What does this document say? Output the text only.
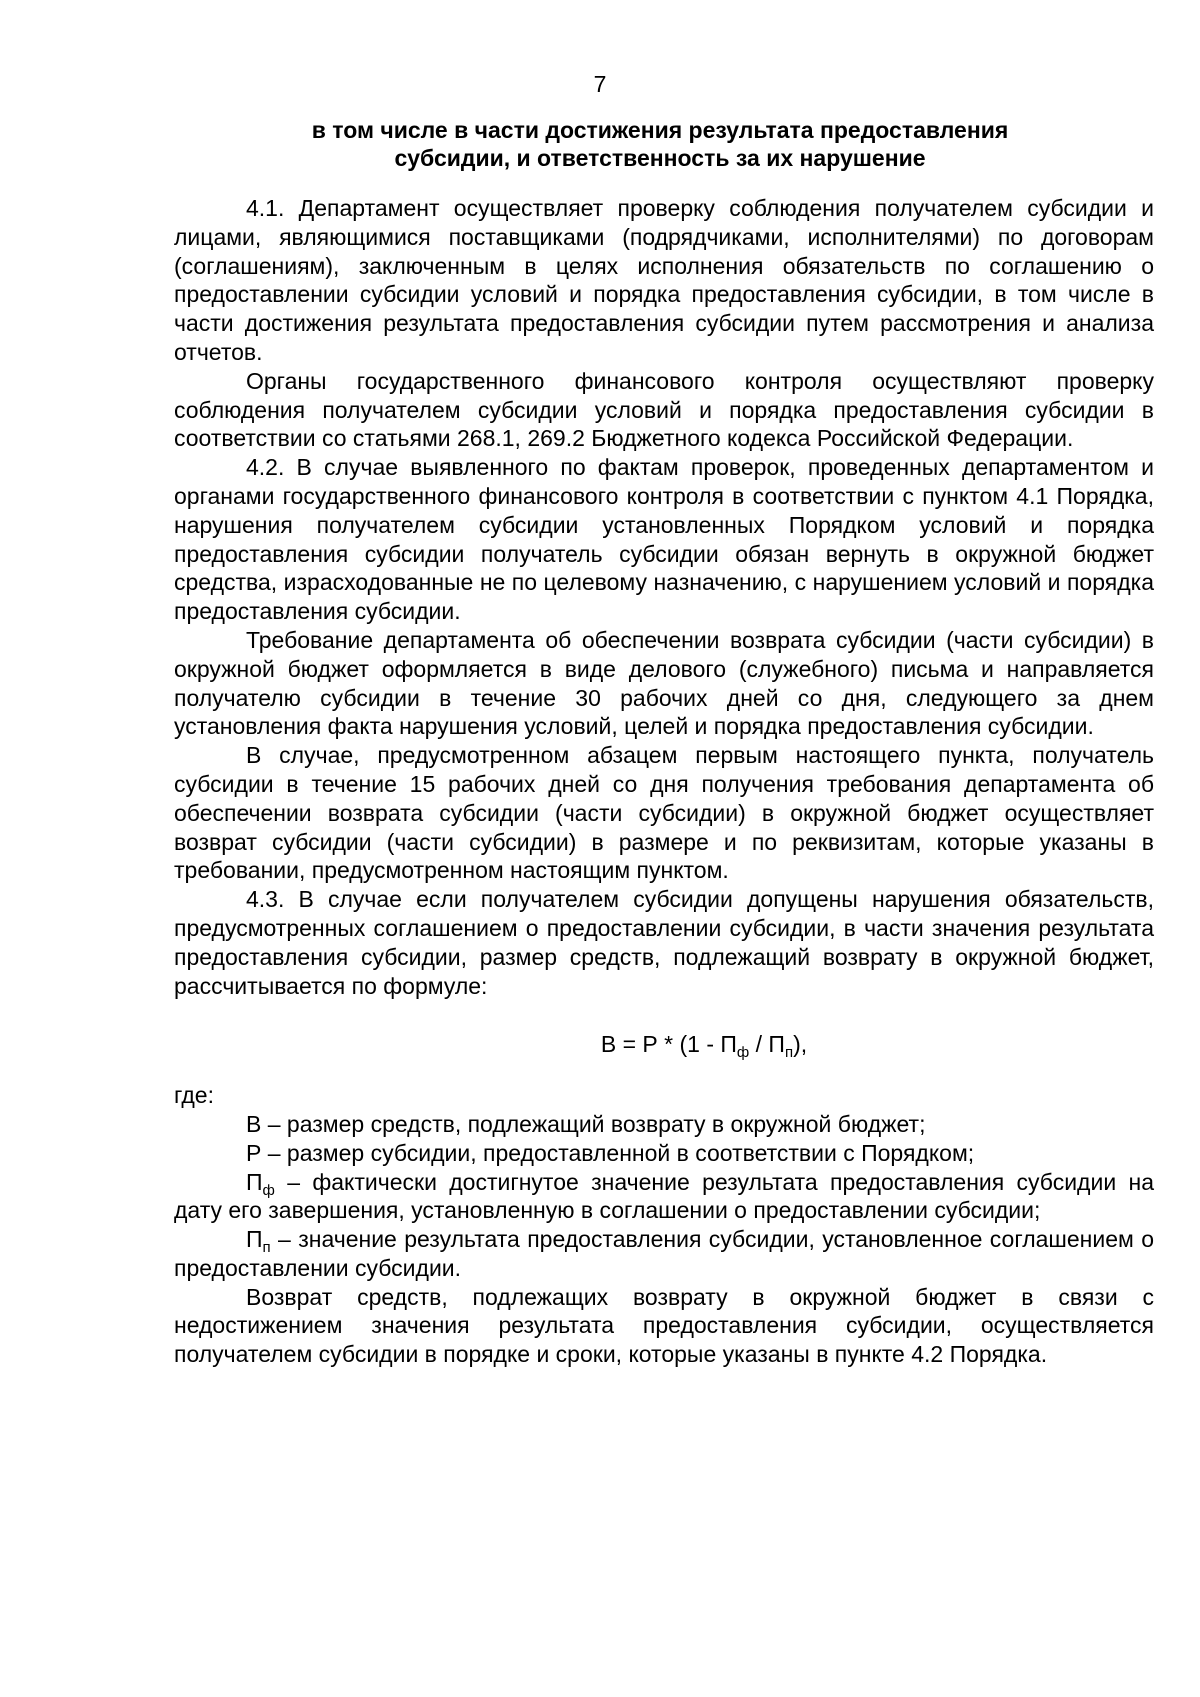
7
в том числе в части достижения результата предоставления
субсидии, и ответственность за их нарушение

4.1. Департамент осуществляет проверку соблюдения получателем субсидии и лицами, являющимися поставщиками (подрядчиками, исполнителями) по договорам (соглашениям), заключенным в целях исполнения обязательств по соглашению о предоставлении субсидии условий и порядка предоставления субсидии, в том числе в части достижения результата предоставления субсидии путем рассмотрения и анализа отчетов.

Органы государственного финансового контроля осуществляют проверку соблюдения получателем субсидии условий и порядка предоставления субсидии в соответствии со статьями 268.1, 269.2 Бюджетного кодекса Российской Федерации.

4.2. В случае выявленного по фактам проверок, проведенных департаментом и органами государственного финансового контроля в соответствии с пунктом 4.1 Порядка, нарушения получателем субсидии установленных Порядком условий и порядка предоставления субсидии получатель субсидии обязан вернуть в окружной бюджет средства, израсходованные не по целевому назначению, с нарушением условий и порядка предоставления субсидии.

Требование департамента об обеспечении возврата субсидии (части субсидии) в окружной бюджет оформляется в виде делового (служебного) письма и направляется получателю субсидии в течение 30 рабочих дней со дня, следующего за днем установления факта нарушения условий, целей и порядка предоставления субсидии.

В случае, предусмотренном абзацем первым настоящего пункта, получатель субсидии в течение 15 рабочих дней со дня получения требования департамента об обеспечении возврата субсидии (части субсидии) в окружной бюджет осуществляет возврат субсидии (части субсидии) в размере и по реквизитам, которые указаны в требовании, предусмотренном настоящим пунктом.

4.3. В случае если получателем субсидии допущены нарушения обязательств, предусмотренных соглашением о предоставлении субсидии, в части значения результата предоставления субсидии, размер средств, подлежащий возврату в окружной бюджет, рассчитывается по формуле:

$В = Р * (1 - П_ф / П_п)$,

где:

В – размер средств, подлежащий возврату в окружной бюджет;

Р – размер субсидии, предоставленной в соответствии с Порядком;

$П_ф$ – фактически достигнутое значение результата предоставления субсидии на дату его завершения, установленную в соглашении о предоставлении субсидии;

$П_п$ – значение результата предоставления субсидии, установленное соглашением о предоставлении субсидии.

Возврат средств, подлежащих возврату в окружной бюджет в связи с недостижением значения результата предоставления субсидии, осуществляется получателем субсидии в порядке и сроки, которые указаны в пункте 4.2 Порядка.
